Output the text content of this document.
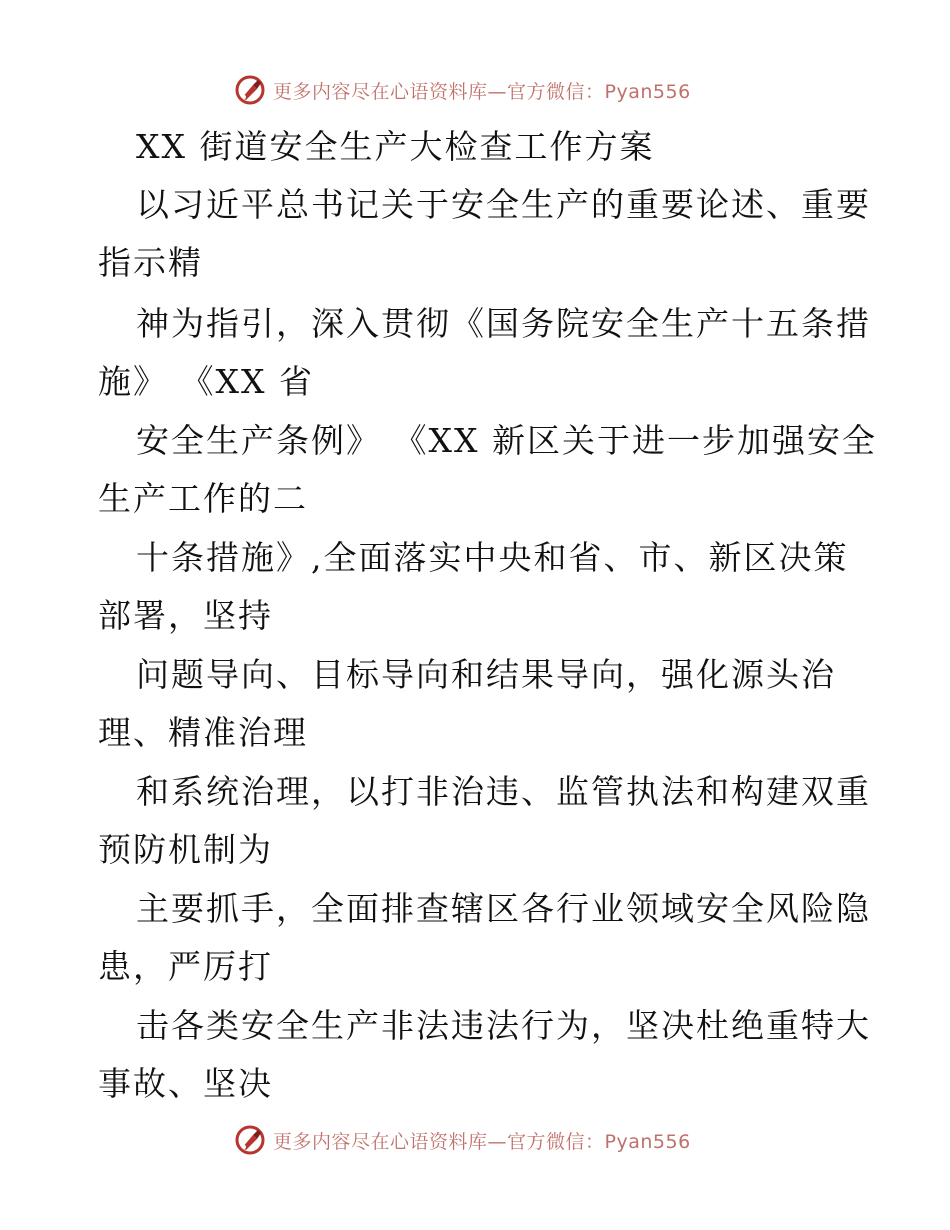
更多内容尽在心语资料库—官方微信：Pyan556
XX 街道安全生产大检查工作方案
以习近平总书记关于安全生产的重要论述、重要
指示精
神为指引，深入贯彻《国务院安全生产十五条措
施》 《XX 省
安全生产条例》 《XX 新区关于进一步加强安全
生产工作的二
十条措施》,全面落实中央和省、市、新区决策
部署，坚持
问题导向、目标导向和结果导向，强化源头治
理、精准治理
和系统治理，以打非治违、监管执法和构建双重
预防机制为
主要抓手，全面排查辖区各行业领域安全风险隐
患，严厉打
击各类安全生产非法违法行为，坚决杜绝重特大
事故、坚决
更多内容尽在心语资料库—官方微信：Pyan556
